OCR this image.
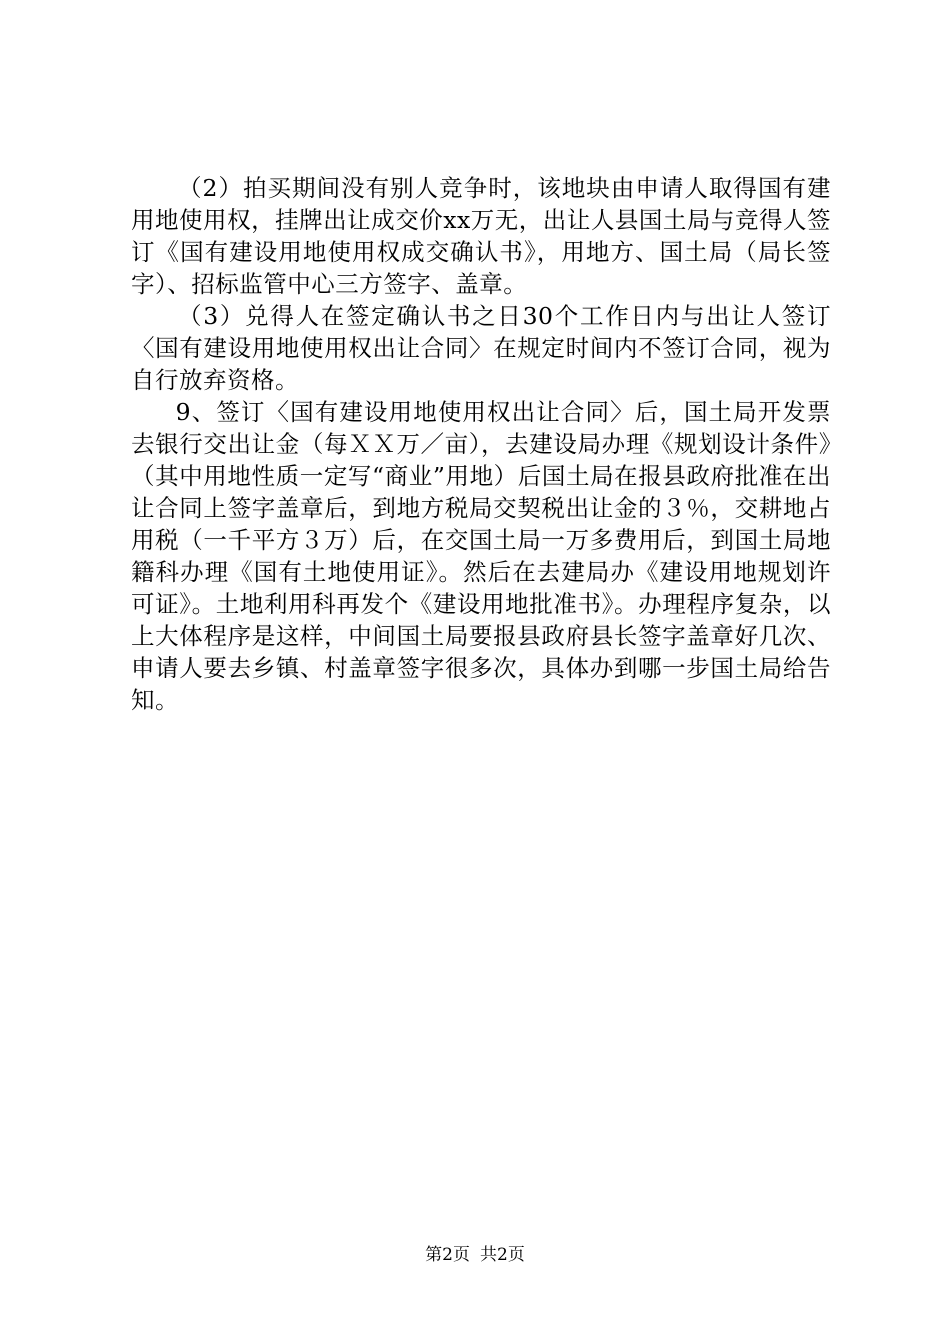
（2）拍买期间没有别人竞争时，该地块由申请人取得国有建用地使用权，挂牌出让成交价xx万无，出让人县国土局与竞得人签订《国有建设用地使用权成交确认书》，用地方、国土局（局长签字）、招标监管中心三方签字、盖章。

（3）兑得人在签定确认书之日30个工作日内与出让人签订〈国有建设用地使用权出让合同〉在规定时间内不签订合同，视为自行放弃资格。

9、签订〈国有建设用地使用权出让合同〉后，国土局开发票去银行交出让金（每ＸＸ万／亩），去建设局办理《规划设计条件》（其中用地性质一定写“商业”用地）后国土局在报县政府批准在出让合同上签字盖章后，到地方税局交契税出让金的３％，交耕地占用税（一千平方３万）后，在交国土局一万多费用后，到国土局地籍科办理《国有土地使用证》。然后在去建局办《建设用地规划许可证》。土地利用科再发个《建设用地批准书》。办理程序复杂，以上大体程序是这样，中间国土局要报县政府县长签字盖章好几次、申请人要去乡镇、村盖章签字很多次，具体办到哪一步国土局给告知。

第2页 共2页
